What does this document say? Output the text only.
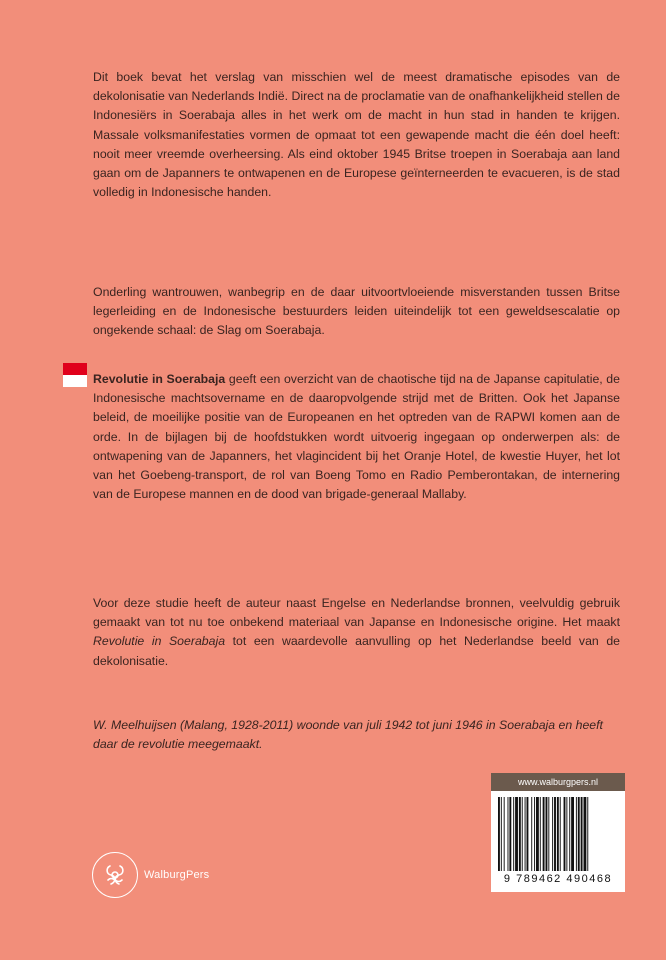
Dit boek bevat het verslag van misschien wel de meest dramatische episodes van de dekolonisatie van Nederlands Indië. Direct na de proclamatie van de onafhankelijkheid stellen de Indonesiërs in Soerabaja alles in het werk om de macht in hun stad in handen te krijgen. Massale volksmanifestaties vormen de opmaat tot een gewapende macht die één doel heeft: nooit meer vreemde overheersing. Als eind oktober 1945 Britse troepen in Soerabaja aan land gaan om de Japanners te ontwapenen en de Europese geïnterneerden te evacueren, is de stad volledig in Indonesische handen.

Onderling wantrouwen, wanbegrip en de daar uitvoortvloeiende misverstanden tussen Britse legerleiding en de Indonesische bestuurders leiden uiteindelijk tot een geweldsescalatie op ongekende schaal: de Slag om Soerabaja.

Revolutie in Soerabaja geeft een overzicht van de chaotische tijd na de Japanse capitulatie, de Indonesische machtsovername en de daaropvolgende strijd met de Britten. Ook het Japanse beleid, de moeilijke positie van de Europeanen en het optreden van de RAPWI komen aan de orde. In de bijlagen bij de hoofdstukken wordt uitvoerig ingegaan op onderwerpen als: de ontwapening van de Japanners, het vlagincident bij het Oranje Hotel, de kwestie Huyer, het lot van het Goebeng-transport, de rol van Boeng Tomo en Radio Pemberontakan, de internering van de Europese mannen en de dood van brigade-generaal Mallaby.

Voor deze studie heeft de auteur naast Engelse en Nederlandse bronnen, veelvuldig gebruik gemaakt van tot nu toe onbekend materiaal van Japanse en Indonesische origine. Het maakt Revolutie in Soerabaja tot een waardevolle aanvulling op het Nederlandse beeld van de dekolonisatie.

W. Meelhuijsen (Malang, 1928-2011) woonde van juli 1942 tot juni 1946 in Soerabaja en heeft daar de revolutie meegemaakt.

WalburgPers
www.walburgpers.nl
9 789462 490468
